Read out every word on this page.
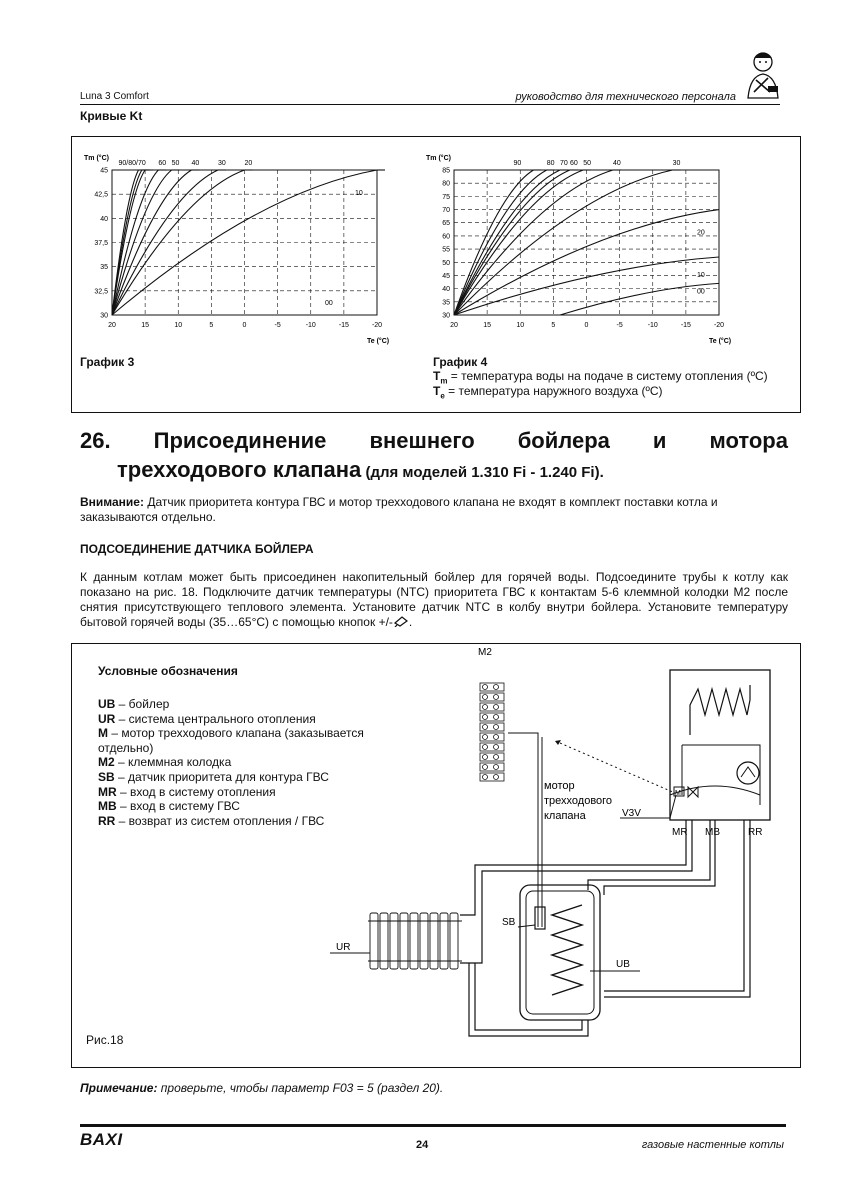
Luna 3 Comfort	руководство для технического персонала
Кривые Kt
20	15	10	5	0	-5	-10	-15	-20
30
32,5
35
37,5
40
42,5
45
Tm (°C)
Te (°C)
90/80/70 60 50 40	30	20
10
00
20	15	10	5	0	-5	-10	-15	-20
30
35
40
45
50
55
60
65
70
75
80
85
Tm (°C)
Te (°C)
90	80 70 60 50	40	30
20
10
00
График 3	График 4
$T_m$ = температура воды на подаче в систему отопления (ºC)
$T_e$ = температура наружного воздуха (ºC)
26. Присоединение внешнего бойлера и мотора
трехходового клапана (для моделей 1.310 Fi - 1.240 Fi).
Внимание: Датчик приоритета контура ГВС и мотор трехходового клапана не входят в комплект поставки котла и заказываются отдельно.
ПОДСОЕДИНЕНИЕ ДАТЧИКА БОЙЛЕРА
К данным котлам может быть присоединен накопительный бойлер для горячей воды. Подсоедините трубы к котлу как показано на рис. 18. Подключите датчик температуры (NTC) приоритета ГВС к контактам 5-6 клеммной колодки М2 после снятия присутствующего теплового элемента. Установите датчик NTC в колбу внутри бойлера. Установите температуру бытовой горячей воды (35…65°C) с помощью кнопок +/- .
Условные обозначения
UB – бойлер
UR – система центрального отопления
M – мотор трехходового клапана (заказывается отдельно)
M2 – клеммная колодка
SB – датчик приоритета для контура ГВС
MR – вход в систему отопления
MB – вход в систему ГВС
RR – возврат из систем отопления / ГВС
M2
M
мотор
трехходового
клапана	V3V
MR MB	RR
SB
UB
UR
Рис.18
Примечание: проверьте, чтобы параметр F03 = 5 (раздел 20).
BAXI	24	газовые настенные котлы
